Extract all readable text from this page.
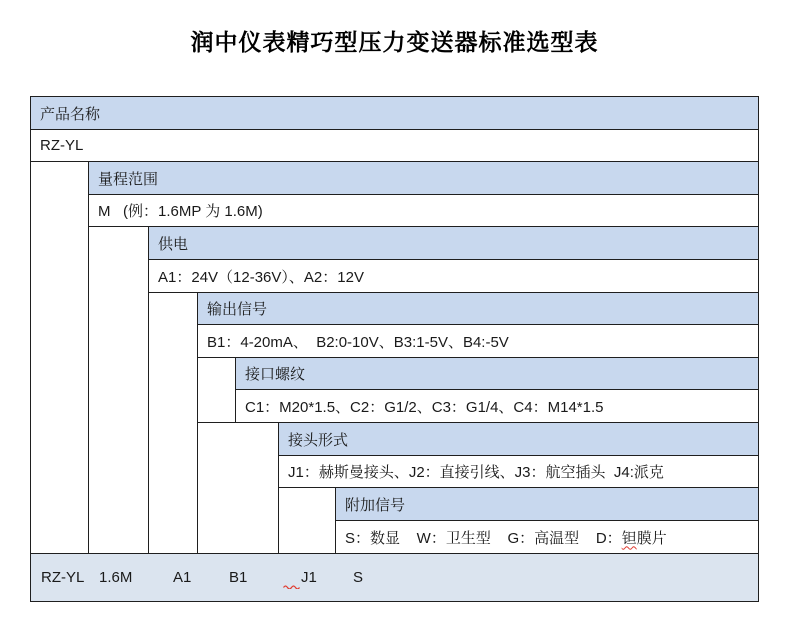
润中仪表精巧型压力变送器标准选型表
产品名称
RZ-YL
量程范围
M   (例：1.6MP 为 1.6M)
供电
A1：24V（12-36V）、A2：12V
输出信号
B1：4-20mA、  B2:0-10V、B3:1-5V、B4:-5V
接口螺纹
C1：M20*1.5、C2：G1/2、C3：G1/4、C4：M14*1.5
接头形式
J1：赫斯曼接头、J2：直接引线、J3：航空插头  J4:派克
附加信号
S：数显    W：卫生型    G：高温型    D： 钽 膜片
RZ-YL 1.6M	A1	B1	J1 S
